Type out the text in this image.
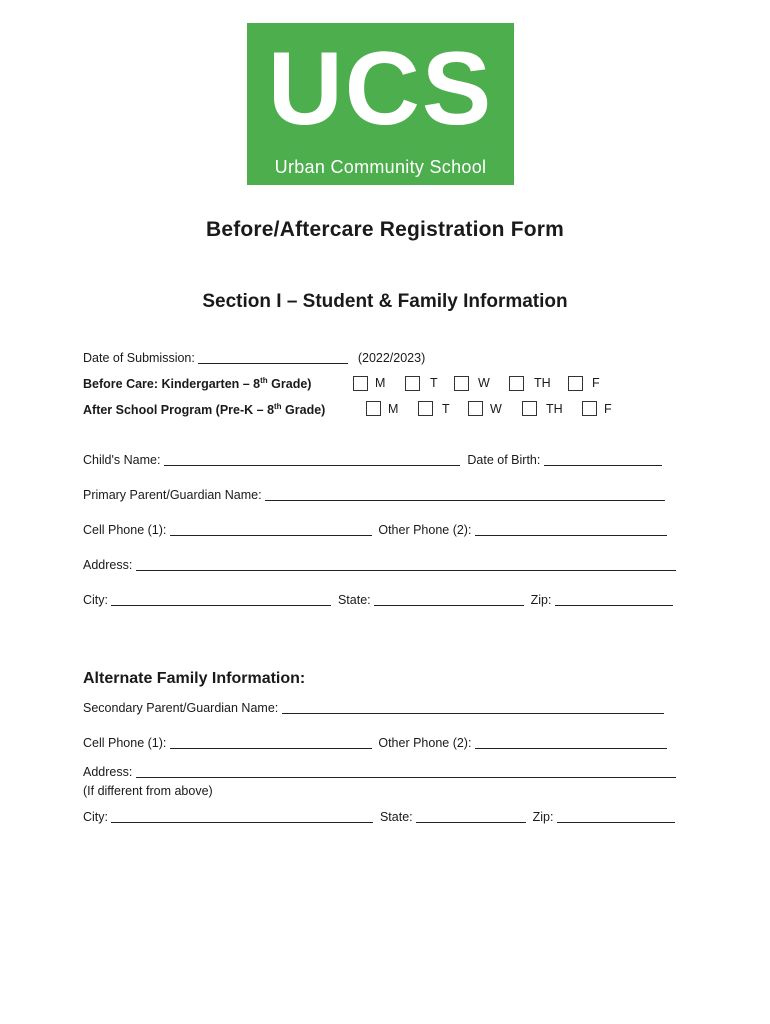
UCS
Urban Community School
Before/Aftercare Registration Form
Section I – Student & Family Information
Date of Submission:	(2022/2023)
Before Care: Kindergarten – 8th Grade)	M	T	W	TH	F
After School Program (Pre-K – 8th Grade)	M	T	W	TH	F
Child's Name:	Date of Birth:
Primary Parent/Guardian Name:
Cell Phone (1):	Other Phone (2):
Address:
City:	State:	Zip:
Alternate Family Information:
Secondary Parent/Guardian Name:
Cell Phone (1):	Other Phone (2):
Address:
(If different from above)
City:	State:	Zip:
